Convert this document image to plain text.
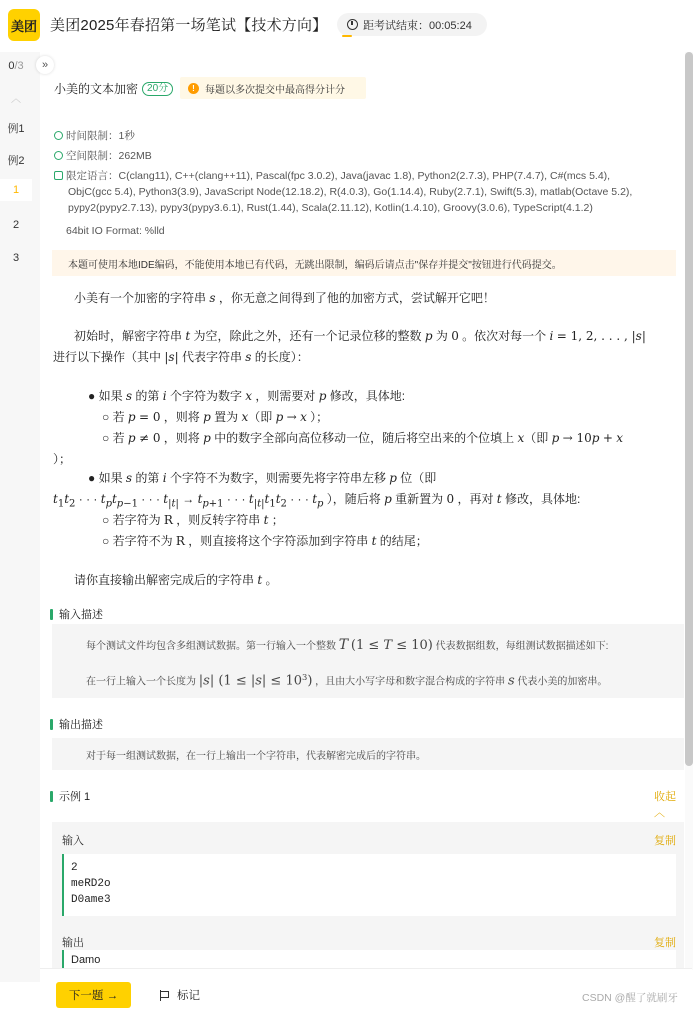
美团 美团2025年春招第一场笔试【技术方向】	距考试结束：00:05:24
0/3
︿
例1
例2
1
2
3
»
小美的文本加密 20分	!	每题以多次提交中最高得分计分
时间限制：1秒
空间限制：262MB
限定语言：C(clang11), C++(clang++11), Pascal(fpc 3.0.2), Java(javac 1.8), Python2(2.7.3), PHP(7.4.7), C#(mcs 5.4),
ObjC(gcc 5.4), Python3(3.9), JavaScript Node(12.18.2), R(4.0.3), Go(1.14.4), Ruby(2.7.1), Swift(5.3), matlab(Octave 5.2),
pypy2(pypy2.7.13), pypy3(pypy3.6.1), Rust(1.44), Scala(2.11.12), Kotlin(1.4.10), Groovy(3.0.6), TypeScript(4.1.2)
64bit IO Format: %lld
本题可使用本地IDE编码，不能使用本地已有代码，无跳出限制，编码后请点击"保存并提交"按钮进行代码提交。
小美有一个加密的字符串 s ，你无意之间得到了他的加密方式，尝试解开它吧！
初始时，解密字符串 t 为空，除此之外，还有一个记录位移的整数 p 为 0 。依次对每一个 i = 1, 2, . . . , |s|
进行以下操作（其中 |s| 代表字符串 s 的长度）：
● 如果 s 的第 i 个字符为数字 x ，则需要对 p 修改，具体地:
○ 若 p = 0 ，则将 p 置为 x（即 p → x ）；
○ 若 p ≠ 0 ，则将 p 中的数字全部向高位移动一位，随后将空出来的个位填上 x（即 p → 10p + x
）；
● 如果 s 的第 i 个字符不为数字，则需要先将字符串左移 p 位（即
$t_1t_2$ · · · $t_pt_{p-1}$ · · · $t_{|t|} \to t_{p+1}$ · · · $t_{|t|}t_1t_2$ · · · $t_p$ ），随后将 p 重新置为 0 ，再对 t 修改，具体地:
○ 若字符为 R ，则反转字符串 t ；
○ 若字符不为 R ，则直接将这个字符添加到字符串 t 的结尾；
请你直接输出解密完成后的字符串 t 。
输入描述
每个测试文件均包含多组测试数据。第一行输入一个整数 T (1 ≤ T ≤ 10) 代表数据组数，每组测试数据描述如下:
在一行上输入一个长度为 |s| $(1 \le |s| \le 10^3)$ ，且由大小写字母和数字混合构成的字符串 s 代表小美的加密串。
输出描述
对于每一组测试数据，在一行上输出一个字符串，代表解密完成后的字符串。
示例 1	收起 ︿
输入	复制
2
meRD2o
D0ame3
输出	复制
Damo
下一题 →	标记	CSDN @醒了就刷牙
